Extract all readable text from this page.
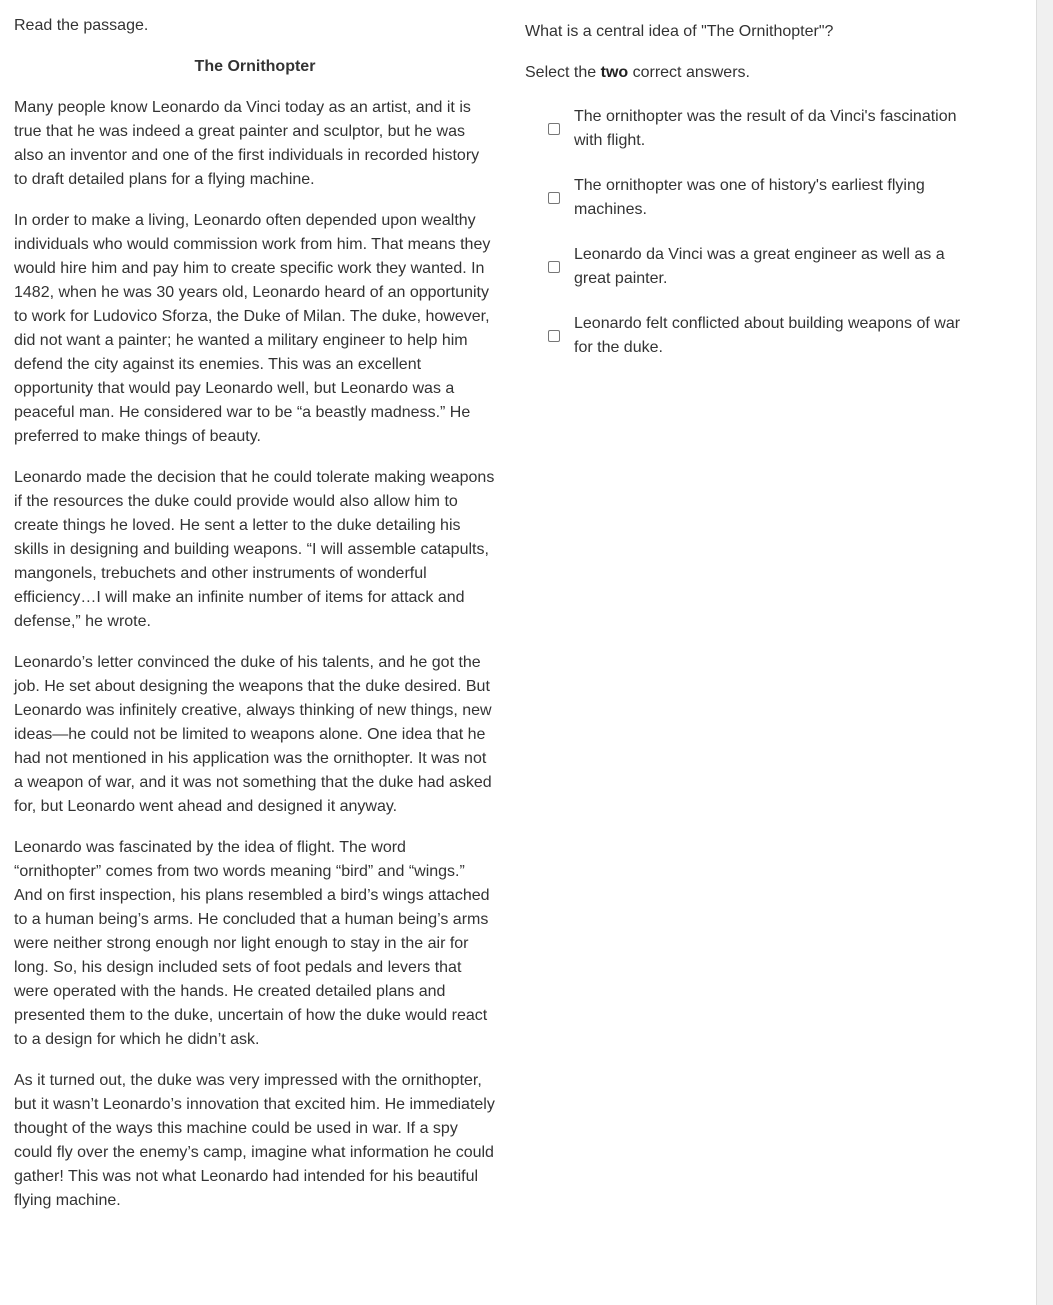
Read the passage.

The Ornithopter

Many people know Leonardo da Vinci today as an artist, and it is true that he was indeed a great painter and sculptor, but he was also an inventor and one of the first individuals in recorded history to draft detailed plans for a flying machine.

In order to make a living, Leonardo often depended upon wealthy individuals who would commission work from him. That means they would hire him and pay him to create specific work they wanted. In 1482, when he was 30 years old, Leonardo heard of an opportunity to work for Ludovico Sforza, the Duke of Milan. The duke, however, did not want a painter; he wanted a military engineer to help him defend the city against its enemies. This was an excellent opportunity that would pay Leonardo well, but Leonardo was a peaceful man. He considered war to be “a beastly madness.” He preferred to make things of beauty.

Leonardo made the decision that he could tolerate making weapons if the resources the duke could provide would also allow him to create things he loved. He sent a letter to the duke detailing his skills in designing and building weapons. “I will assemble catapults, mangonels, trebuchets and other instruments of wonderful efficiency…I will make an infinite number of items for attack and defense,” he wrote.

Leonardo’s letter convinced the duke of his talents, and he got the job. He set about designing the weapons that the duke desired. But Leonardo was infinitely creative, always thinking of new things, new ideas—he could not be limited to weapons alone. One idea that he had not mentioned in his application was the ornithopter. It was not a weapon of war, and it was not something that the duke had asked for, but Leonardo went ahead and designed it anyway.

Leonardo was fascinated by the idea of flight. The word “ornithopter” comes from two words meaning “bird” and “wings.” And on first inspection, his plans resembled a bird’s wings attached to a human being’s arms. He concluded that a human being’s arms were neither strong enough nor light enough to stay in the air for long. So, his design included sets of foot pedals and levers that were operated with the hands. He created detailed plans and presented them to the duke, uncertain of how the duke would react to a design for which he didn’t ask.

As it turned out, the duke was very impressed with the ornithopter, but it wasn’t Leonardo’s innovation that excited him. He immediately thought of the ways this machine could be used in war. If a spy could fly over the enemy’s camp, imagine what information he could gather! This was not what Leonardo had intended for his beautiful flying machine.

What is a central idea of "The Ornithopter"?

Select the two correct answers.

The ornithopter was the result of da Vinci's fascination with flight.
The ornithopter was one of history's earliest flying machines.
Leonardo da Vinci was a great engineer as well as a great painter.
Leonardo felt conflicted about building weapons of war for the duke.
